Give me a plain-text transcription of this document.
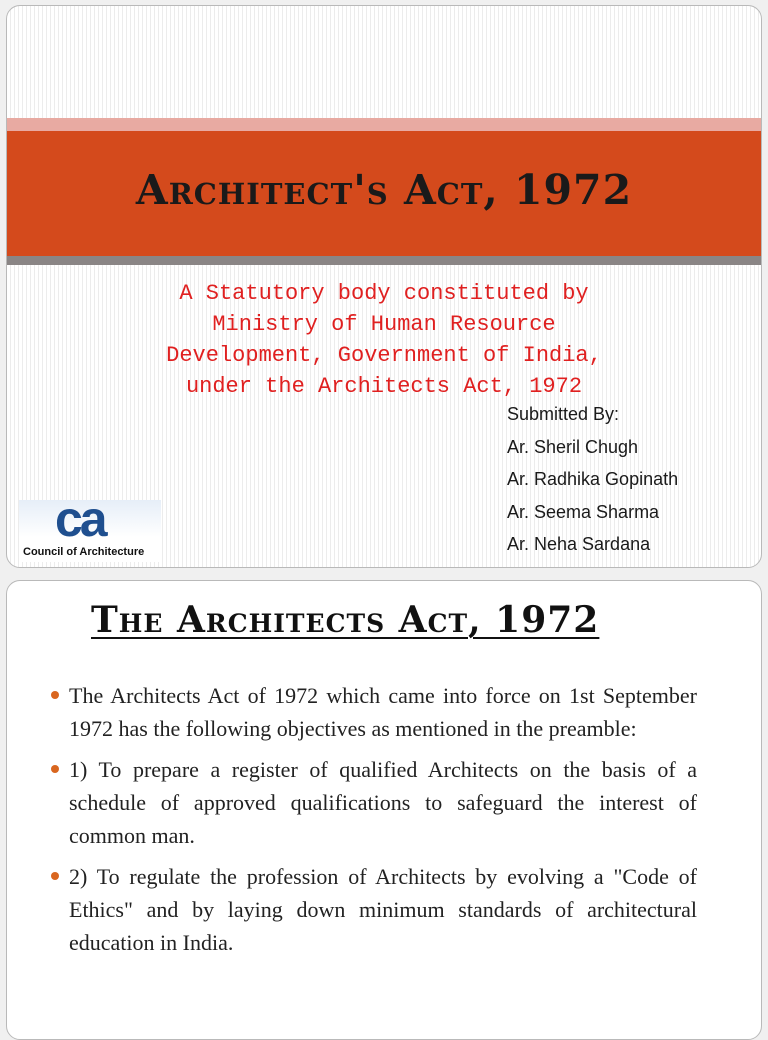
Architect's Act, 1972
A Statutory body constituted by
Ministry of Human Resource
Development, Government of India,
under the Architects Act, 1972
Submitted By:
Ar. Sheril Chugh
Ar. Radhika Gopinath
Ar. Seema Sharma
Ar. Neha Sardana
ca
Council of Architecture
The Architects Act, 1972
The Architects Act of 1972 which came into force on 1st September 1972 has the following objectives as mentioned in the preamble:
1) To prepare a register of qualified Architects on the basis of a schedule of approved qualifications to safeguard the interest of common man.
2) To regulate the profession of Architects by evolving a "Code of Ethics" and by laying down minimum standards of architectural education in India.
